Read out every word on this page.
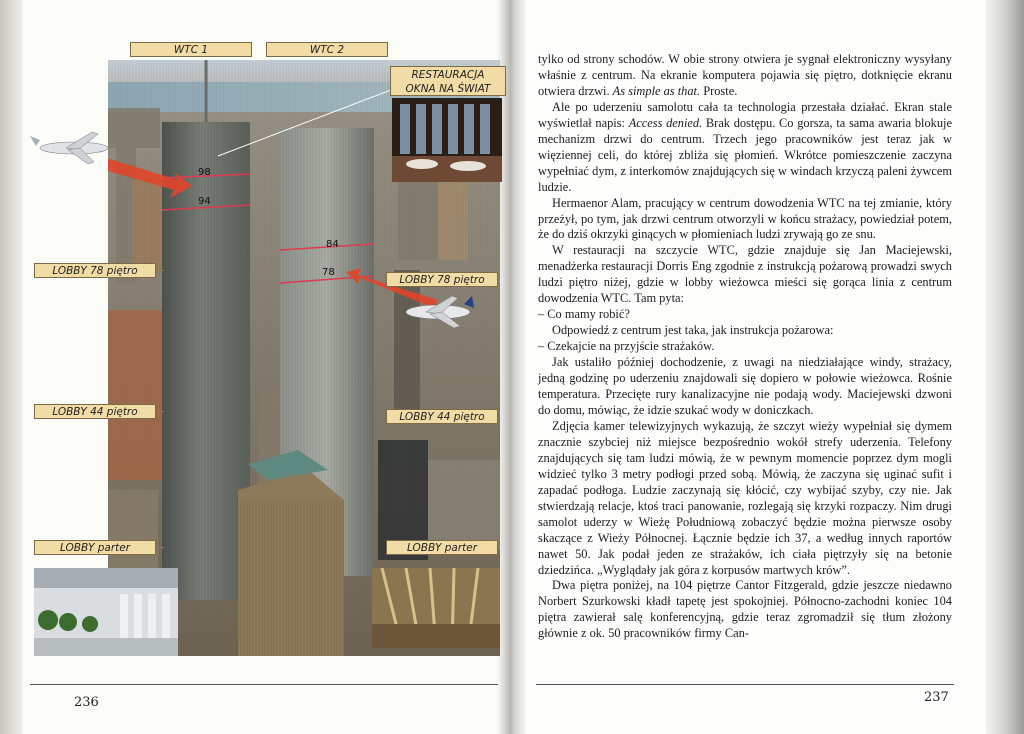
WTC 1	WTC 2
RESTAURACJA
OKNA NA ŚWIAT
LOBBY 78 piętro
LOBBY 78 piętro
LOBBY 44 piętro	LOBBY 44 piętro
LOBBY parter	LOBBY parter
98
94
84
78
236	237

tylko od strony schodów. W obie strony otwiera je sygnał elektroniczny wysyłany właśnie z centrum. Na ekranie komputera pojawia się piętro, dotknięcie ekranu otwiera drzwi. As simple as that. Proste.

Ale po uderzeniu samolotu cała ta technologia przestała działać. Ekran stale wyświetlał napis: Access denied. Brak dostępu. Co gorsza, ta sama awaria blokuje mechanizm drzwi do centrum. Trzech jego pracowników jest teraz jak w więziennej celi, do której zbliża się płomień. Wkrótce pomieszczenie zaczyna wypełniać dym, z interkomów znajdujących się w windach krzyczą paleni żywcem ludzie.

Hermaenor Alam, pracujący w centrum dowodzenia WTC na tej zmianie, który przeżył, po tym, jak drzwi centrum otworzyli w końcu strażacy, powiedział potem, że do dziś okrzyki ginących w płomieniach ludzi zrywają go ze snu.

W restauracji na szczycie WTC, gdzie znajduje się Jan Maciejewski, menadżerka restauracji Dorris Eng zgodnie z instrukcją pożarową prowadzi swych ludzi piętro niżej, gdzie w lobby wieżowca mieści się gorąca linia z centrum dowodzenia WTC. Tam pyta:

– Co mamy robić?

Odpowiedź z centrum jest taka, jak instrukcja pożarowa:

– Czekajcie na przyjście strażaków.

Jak ustaliło później dochodzenie, z uwagi na niedziałające windy, strażacy, jedną godzinę po uderzeniu znajdowali się dopiero w połowie wieżowca. Rośnie temperatura. Przecięte rury kanalizacyjne nie podają wody. Maciejewski dzwoni do domu, mówiąc, że idzie szukać wody w doniczkach.

Zdjęcia kamer telewizyjnych wykazują, że szczyt wieży wypełniał się dymem znacznie szybciej niż miejsce bezpośrednio wokół strefy uderzenia. Telefony znajdujących się tam ludzi mówią, że w pewnym momencie poprzez dym mogli widzieć tylko 3 metry podłogi przed sobą. Mówią, że zaczyna się uginać sufit i zapadać podłoga. Ludzie zaczynają się kłócić, czy wybijać szyby, czy nie. Jak stwierdzają relacje, ktoś traci panowanie, rozlegają się krzyki rozpaczy. Nim drugi samolot uderzy w Wieżę Południową zobaczyć będzie można pierwsze osoby skaczące z Wieży Północnej. Łącznie będzie ich 37, a według innych raportów nawet 50. Jak podał jeden ze strażaków, ich ciała piętrzyły się na betonie dziedzińca. „Wyglądały jak góra z korpusów martwych krów”.

Dwa piętra poniżej, na 104 piętrze Cantor Fitzgerald, gdzie jeszcze niedawno Norbert Szurkowski kładł tapetę jest spokojniej. Północno-zachodni koniec 104 piętra zawierał salę konferencyjną, gdzie teraz zgromadził się tłum złożony głównie z ok. 50 pracowników firmy Can-
